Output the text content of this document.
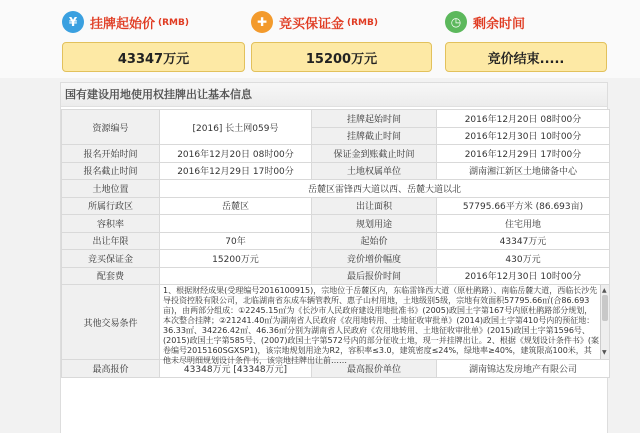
¥ 挂牌起始价 (RMB)
43347万元
✚ 竞买保证金 (RMB)
15200万元
◷ 剩余时间
竞价结束.....
国有建设用地使用权挂牌出让基本信息
资源编号	[2016] 长土网059号	挂牌起始时间	2016年12月20日 08时00分
		挂牌截止时间	2016年12月30日 10时00分
报名开始时间	2016年12月20日 08时00分	保证金到账截止时间	2016年12月29日 17时00分
报名截止时间	2016年12月29日 17时00分	土地权属单位	湖南湘江新区土地储备中心
土地位置	岳麓区雷锋西大道以西、岳麓大道以北		
所属行政区	岳麓区	出让面积	57795.66平方米 (86.693亩)
容积率		规划用途	住宅用地
出让年限	70年	起始价	43347万元
竞买保证金	15200万元	竞价增价幅度	430万元
配套费		最后报价时间	2016年12月30日 10时00分
其他交易条件	1、根据财经成果(受理编号2016100915)，宗地位于岳麓区内，东临雷锋西大道（原杜鹃路）、南临岳麓大道，西临长沙先导投资控股有限公司，北临湖南省东成车辆管教所、惠子山村用地，土地级别5级，宗地有效面积57795.66㎡(合86.693亩)，由两部分组成：①2245.15㎡为《长沙市人民政府建设用地批准书》(2005)政国土字第167号内原杜鹃路部分规划，本次整合挂牌；②21241.40㎡为湖南省人民政府《农用地转用、土地征收审批单》(2014)政国土字第410号内的预征地：36.33㎡、34226.42㎡、46.36㎡分别为湖南省人民政府《农用地转用、土地征收审批单》(2015)政国土字第1596号、(2015)政国土字第585号、(2007)政国土字第572号内的部分征收土地，现一并挂牌出让。2、根据《规划设计条件书》(案卷编号2015160SGXSP1)，该宗地规划用途为R2，容积率≤3.0，建筑密度≤24%，绿地率≥40%，建筑限高100米，其他未尽明细规划设计条件书，该宗地挂牌出让前……
▲
▼		

最高报价	43348万元 [43348万元]	最高报价单位	湖南锦达发房地产有限公司
